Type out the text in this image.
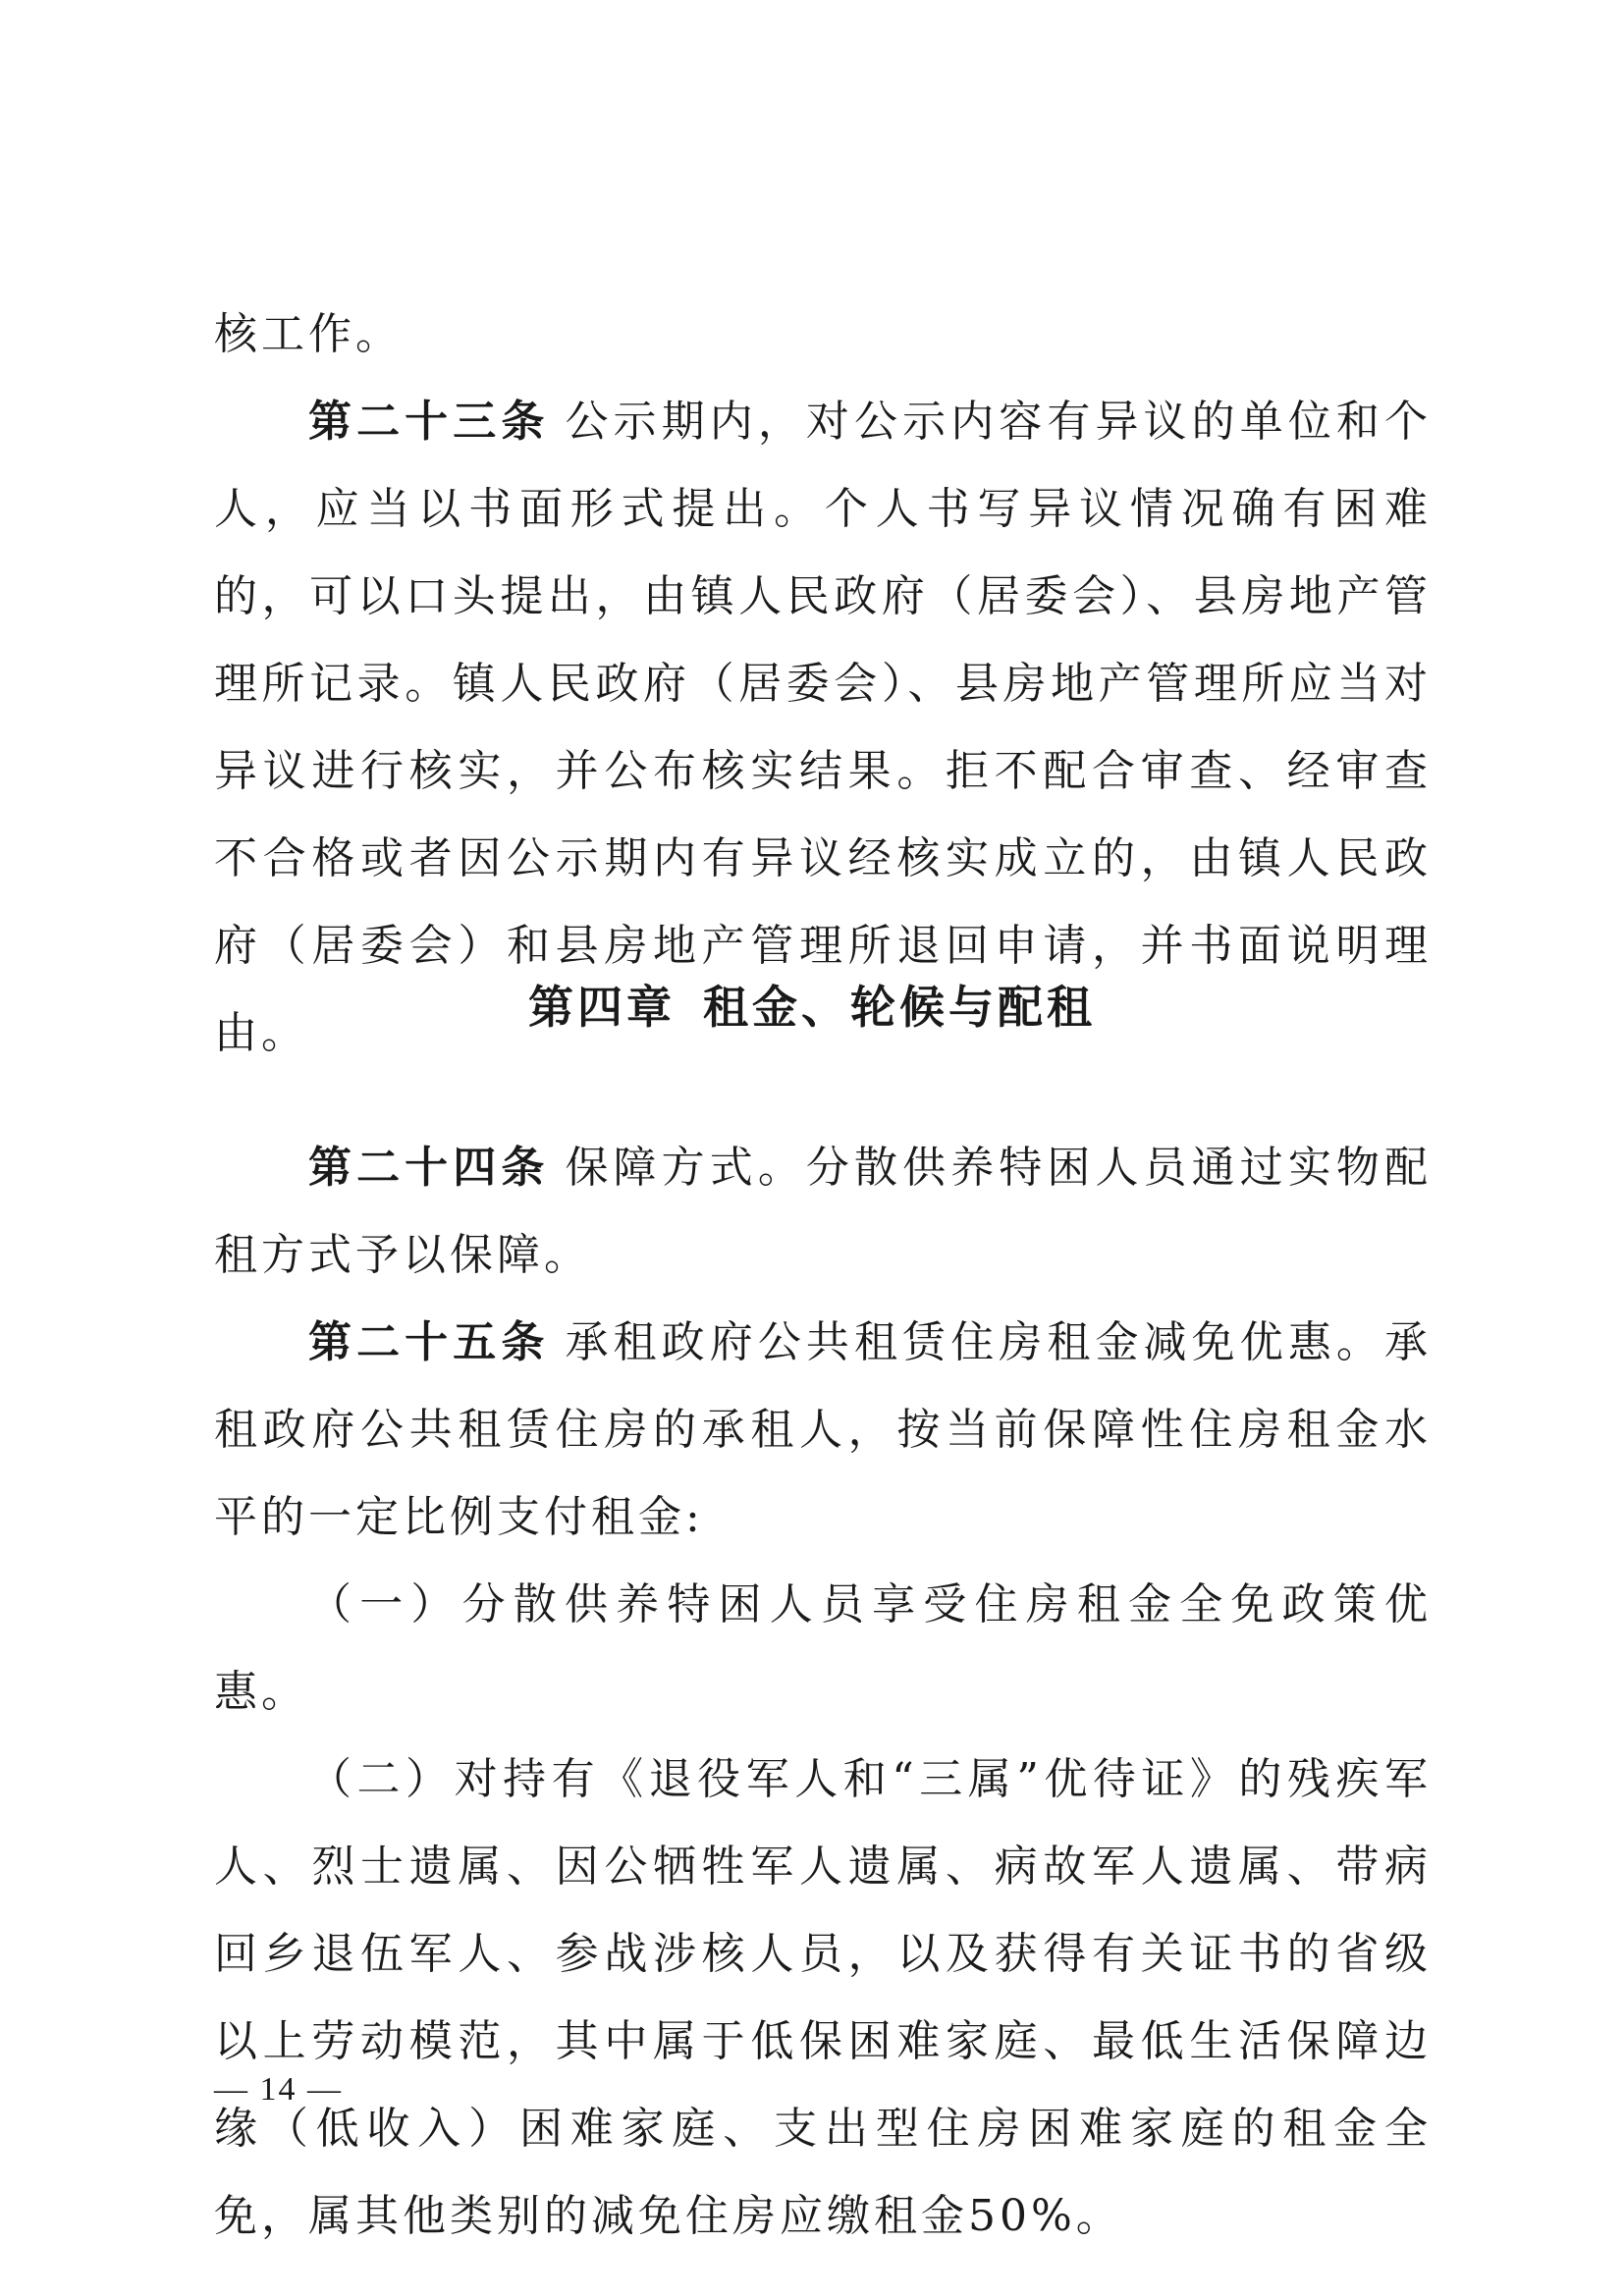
核工作。

第二十三条 公示期内，对公示内容有异议的单位和个人，应当以书面形式提出。个人书写异议情况确有困难的，可以口头提出，由镇人民政府（居委会）、县房地产管理所记录。镇人民政府（居委会）、县房地产管理所应当对异议进行核实，并公布核实结果。拒不配合审查、经审查不合格或者因公示期内有异议经核实成立的，由镇人民政府（居委会）和县房地产管理所退回申请，并书面说明理由。	第四章 租金、轮候与配租

第二十四条 保障方式。分散供养特困人员通过实物配租方式予以保障。

第二十五条 承租政府公共租赁住房租金减免优惠。承租政府公共租赁住房的承租人，按当前保障性住房租金水平的一定比例支付租金:

（一）分散供养特困人员享受住房租金全免政策优惠。

（二）对持有《退役军人和“三属”优待证》的残疾军人、烈士遗属、因公牺牲军人遗属、病故军人遗属、带病回乡退伍军人、参战涉核人员，以及获得有关证书的省级以上劳动模范，其中属于低保困难家庭、最低生活保障边缘（低收入）困难家庭、支出型住房困难家庭的租金全免，属其他类别的减免住房应缴租金50%。

— 14 —
